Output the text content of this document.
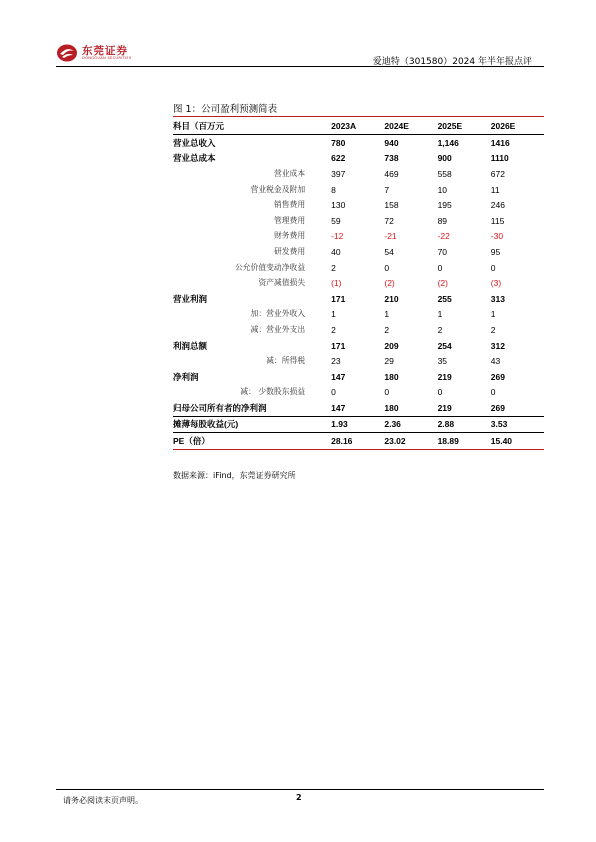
东莞证券
DONGGUAN SECURITIES	爱迪特（301580）2024 年半年报点评
图 1：公司盈利预测简表
科目（百万元	2023A	2024E	2025E	2026E
营业总收入	780	940	1,146	1416
营业总成本	622	738	900	1110
营业成本	397	469	558	672
营业税金及附加	8	7	10	11
销售费用	130	158	195	246
管理费用	59	72	89	115
财务费用	-12	-21	-22	-30
研发费用	40	54	70	95
公允价值变动净收益	2	0	0	0
资产减值损失	(1)	(2)	(2)	(3)
营业利润	171	210	255	313
加：营业外收入	1	1	1	1
减：营业外支出	2	2	2	2
利润总额	171	209	254	312
减：所得税	23	29	35	43
净利润	147	180	219	269
减： 少数股东损益	0	0	0	0
归母公司所有者的净利润	147	180	219	269
摊薄每股收益(元)	1.93	2.36	2.88	3.53
PE（倍）	28.16	23.02	18.89	15.40
数据来源：iFind，东莞证券研究所
请务必阅读末页声明。	2
